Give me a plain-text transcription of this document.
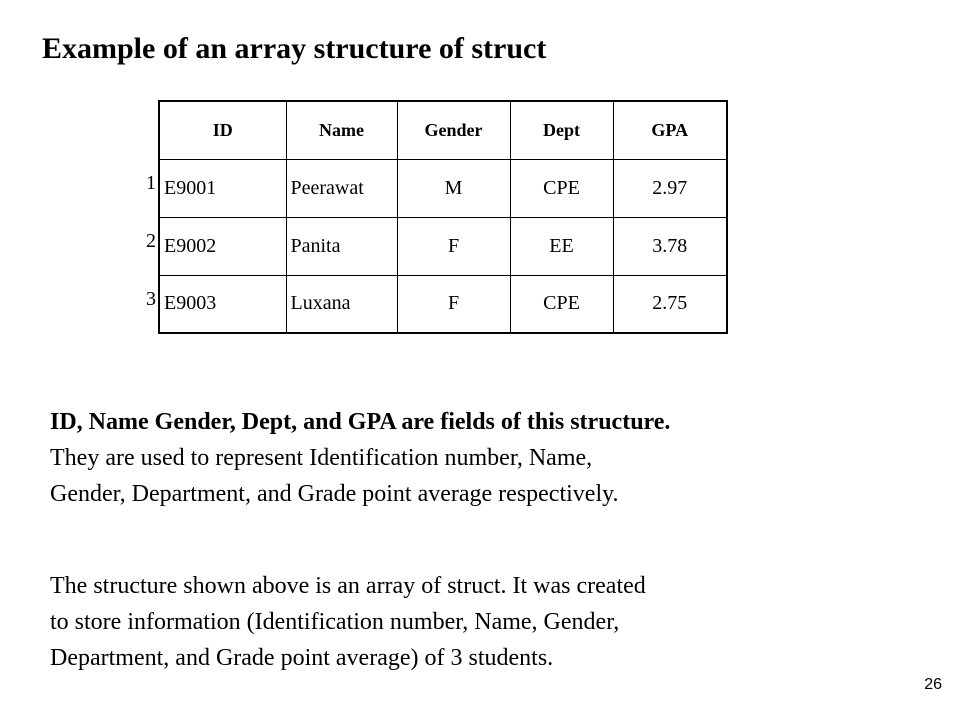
Example of an array structure of struct
1
2
3
ID	Name	Gender	Dept	GPA
E9001	Peerawat	M	CPE	2.97
E9002	Panita	F	EE	3.78
E9003	Luxana	F	CPE	2.75
ID, Name Gender, Dept, and GPA are fields of this structure.
They are used to represent Identification number, Name,
Gender, Department, and Grade point average respectively.
The structure shown above is an array of struct. It was created
to store information (Identification number, Name, Gender,
Department, and Grade point average) of 3 students.
26
